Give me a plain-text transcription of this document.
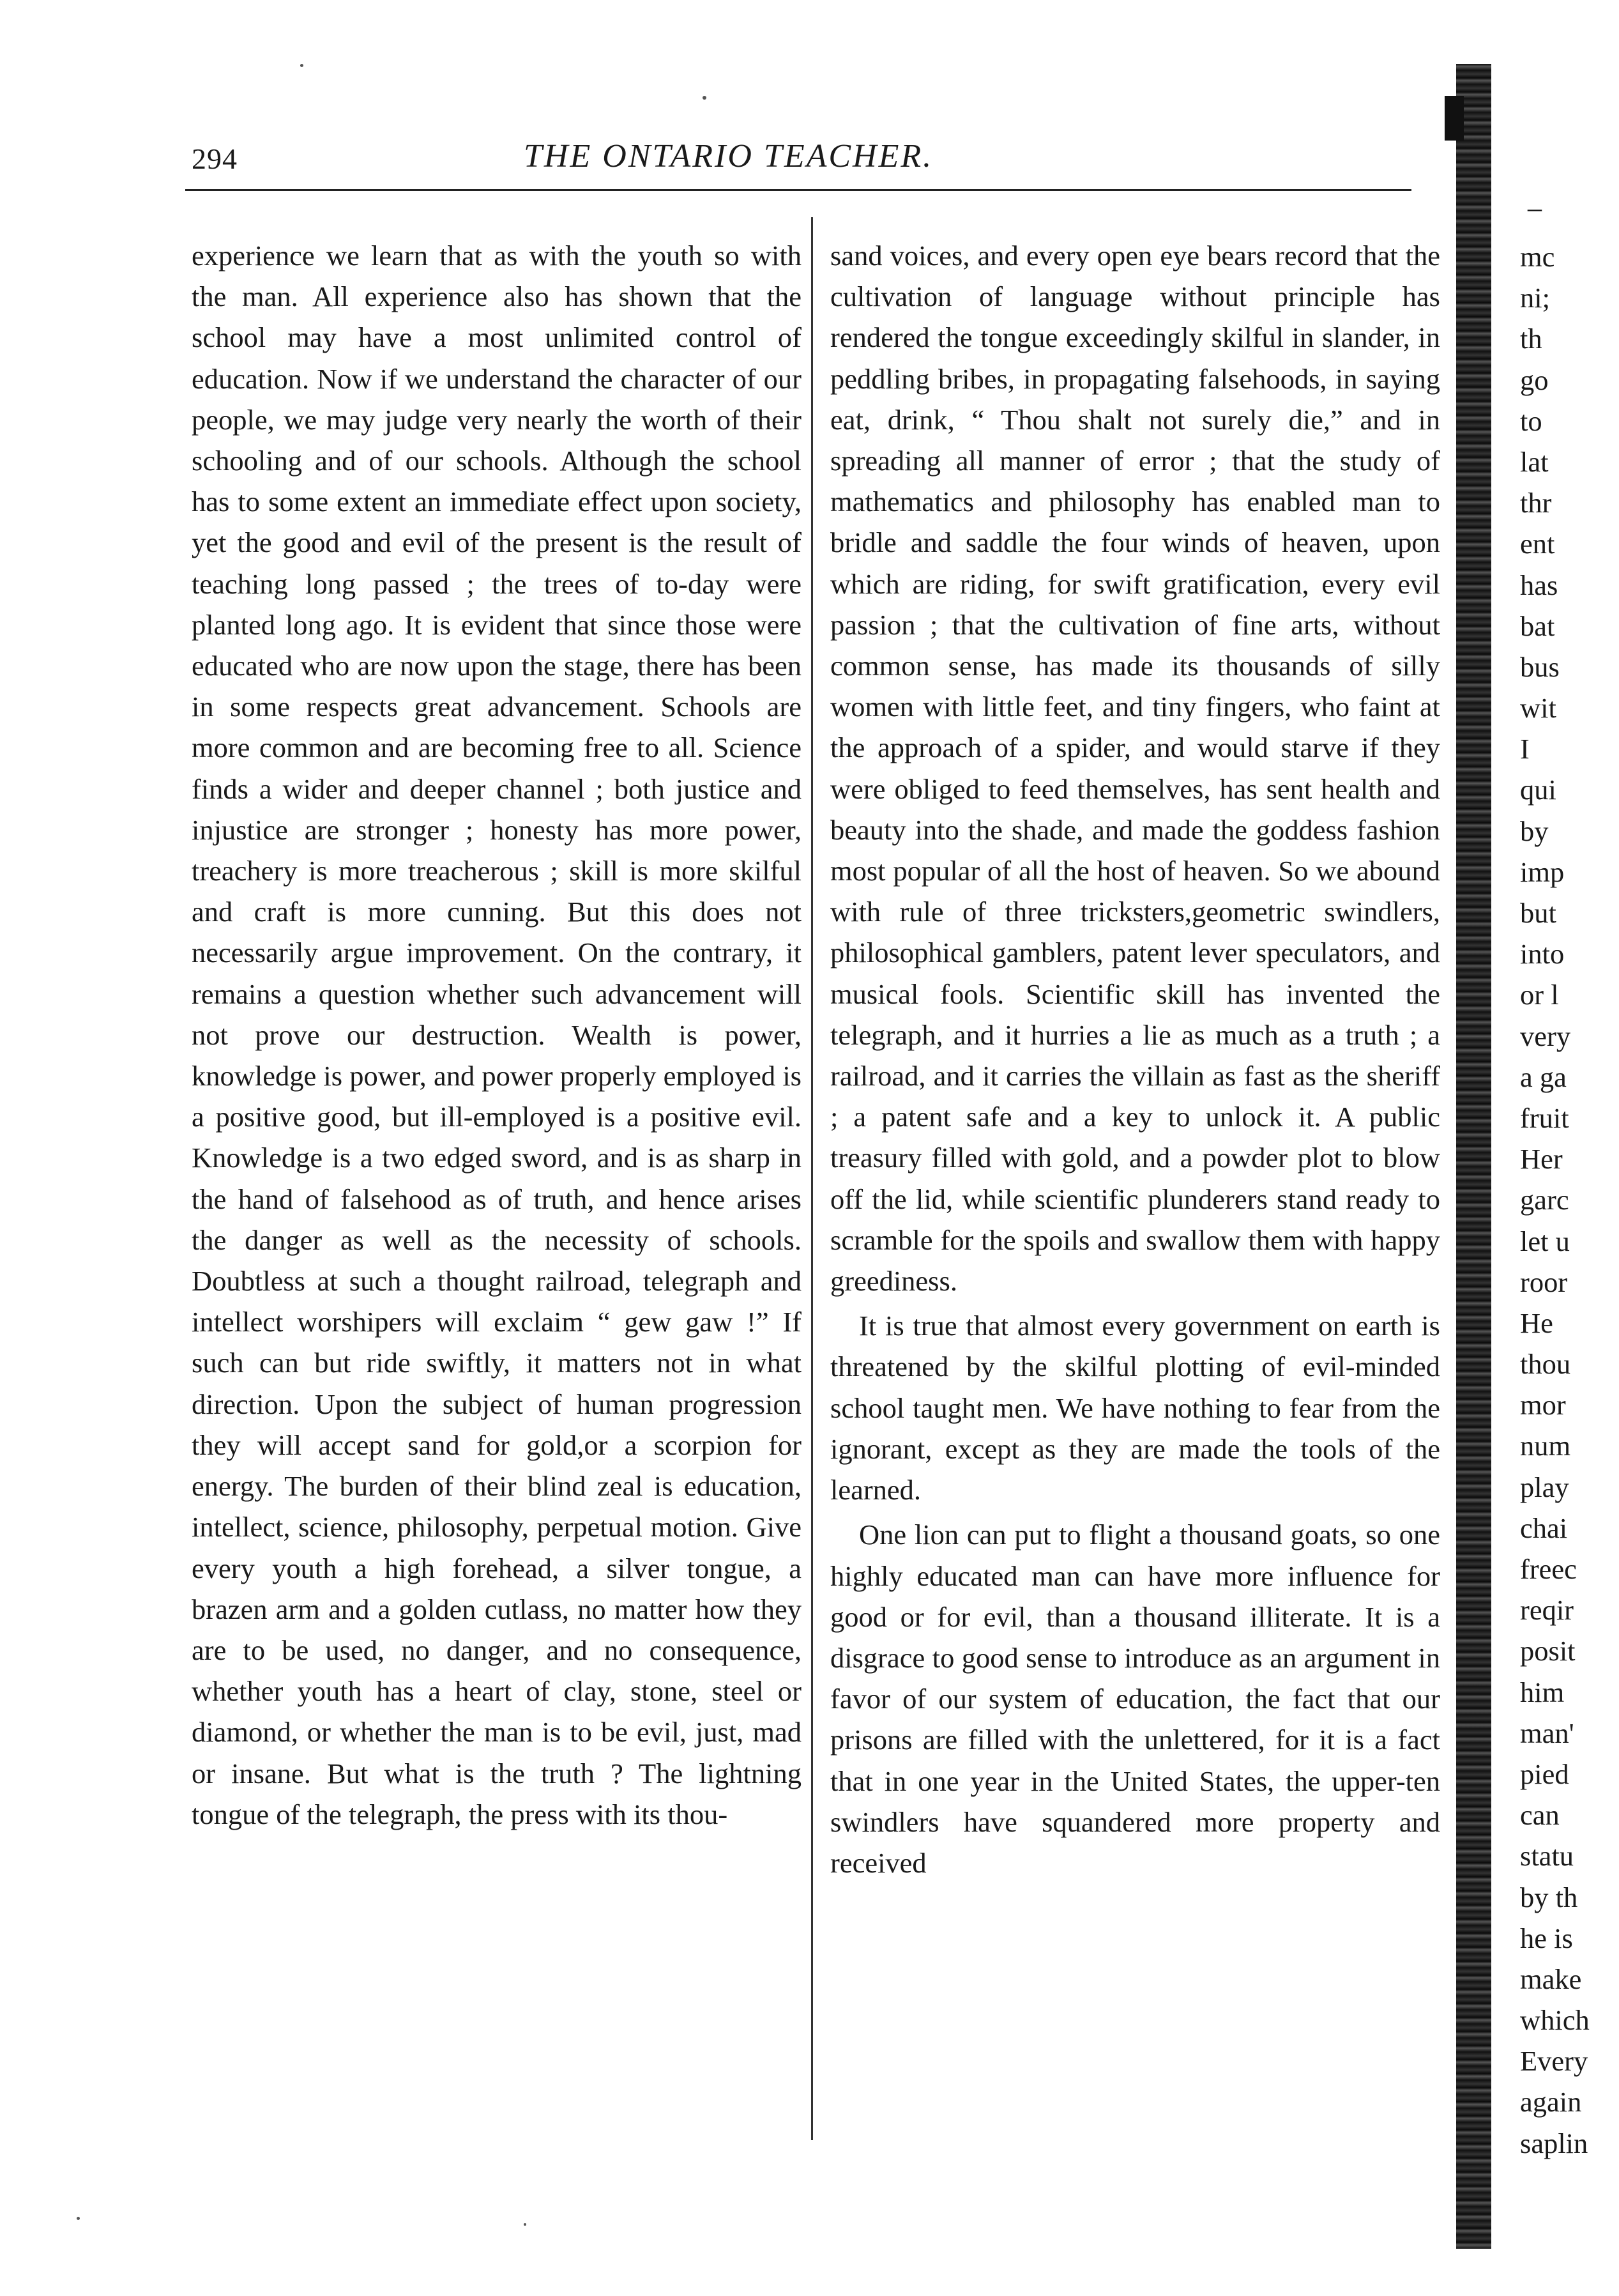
294	THE ONTARIO TEACHER.

experience we learn that as with the youth so with the man. All experience also has shown that the school may have a most unlimited control of education. Now if we understand the character of our people, we may judge very nearly the worth of their schooling and of our schools. Although the school has to some extent an immediate effect upon society, yet the good and evil of the present is the result of teaching long passed ; the trees of to-day were planted long ago. It is evident that since those were educated who are now upon the stage, there has been in some respects great advancement. Schools are more common and are becoming free to all. Science finds a wider and deeper channel ; both justice and injustice are stronger ; honesty has more power, treachery is more treacherous ; skill is more skilful and craft is more cunning. But this does not necessarily argue improvement. On the contrary, it remains a question whether such advancement will not prove our destruction. Wealth is power, knowledge is power, and power properly employed is a positive good, but ill-employed is a positive evil. Knowledge is a two edged sword, and is as sharp in the hand of falsehood as of truth, and hence arises the danger as well as the necessity of schools. Doubtless at such a thought railroad, telegraph and intellect worshipers will exclaim “ gew gaw !” If such can but ride swiftly, it matters not in what direction. Upon the subject of human progression they will accept sand for gold,or a scorpion for energy. The burden of their blind zeal is education, intellect, science, philosophy, perpetual motion. Give every youth a high forehead, a silver tongue, a brazen arm and a golden cutlass, no matter how they are to be used, no danger, and no consequence, whether youth has a heart of clay, stone, steel or diamond, or whether the man is to be evil, just, mad or insane. But what is the truth ? The lightning tongue of the telegraph, the press with its thou-

sand voices, and every open eye bears record that the cultivation of language without principle has rendered the tongue exceedingly skilful in slander, in peddling bribes, in propagating falsehoods, in saying eat, drink, “ Thou shalt not surely die,” and in spreading all manner of error ; that the study of mathematics and philosophy has enabled man to bridle and saddle the four winds of heaven, upon which are riding, for swift gratification, every evil passion ; that the cultivation of fine arts, without common sense, has made its thousands of silly women with little feet, and tiny fingers, who faint at the approach of a spider, and would starve if they were obliged to feed themselves, has sent health and beauty into the shade, and made the goddess fashion most popular of all the host of heaven. So we abound with rule of three tricksters,geometric swindlers, philosophical gamblers, patent lever speculators, and musical fools. Scientific skill has invented the telegraph, and it hurries a lie as much as a truth ; a railroad, and it carries the villain as fast as the sheriff ; a patent safe and a key to unlock it. A public treasury filled with gold, and a powder plot to blow off the lid, while scientific plunderers stand ready to scramble for the spoils and swallow them with happy greediness.

It is true that almost every government on earth is threatened by the skilful plotting of evil-minded school taught men. We have nothing to fear from the ignorant, except as they are made the tools of the learned.

One lion can put to flight a thousand goats, so one highly educated man can have more influence for good or for evil, than a thousand illiterate. It is a disgrace to good sense to introduce as an argument in favor of our system of education, the fact that our prisons are filled with the unlettered, for it is a fact that in one year in the United States, the upper-ten swindlers have squandered more property and received

–
mc
ni;
th
go
to
lat
thr
ent
has
bat
bus
wit
I
qui
by
imp
but
into
or l
very
a ga
fruit
Her
garc
let u
roor
He
thou
mor
num
play
chai
freec
reqir
posit
him
man'
pied
can
statu
by th
he is
make
which
Every
again
saplin
